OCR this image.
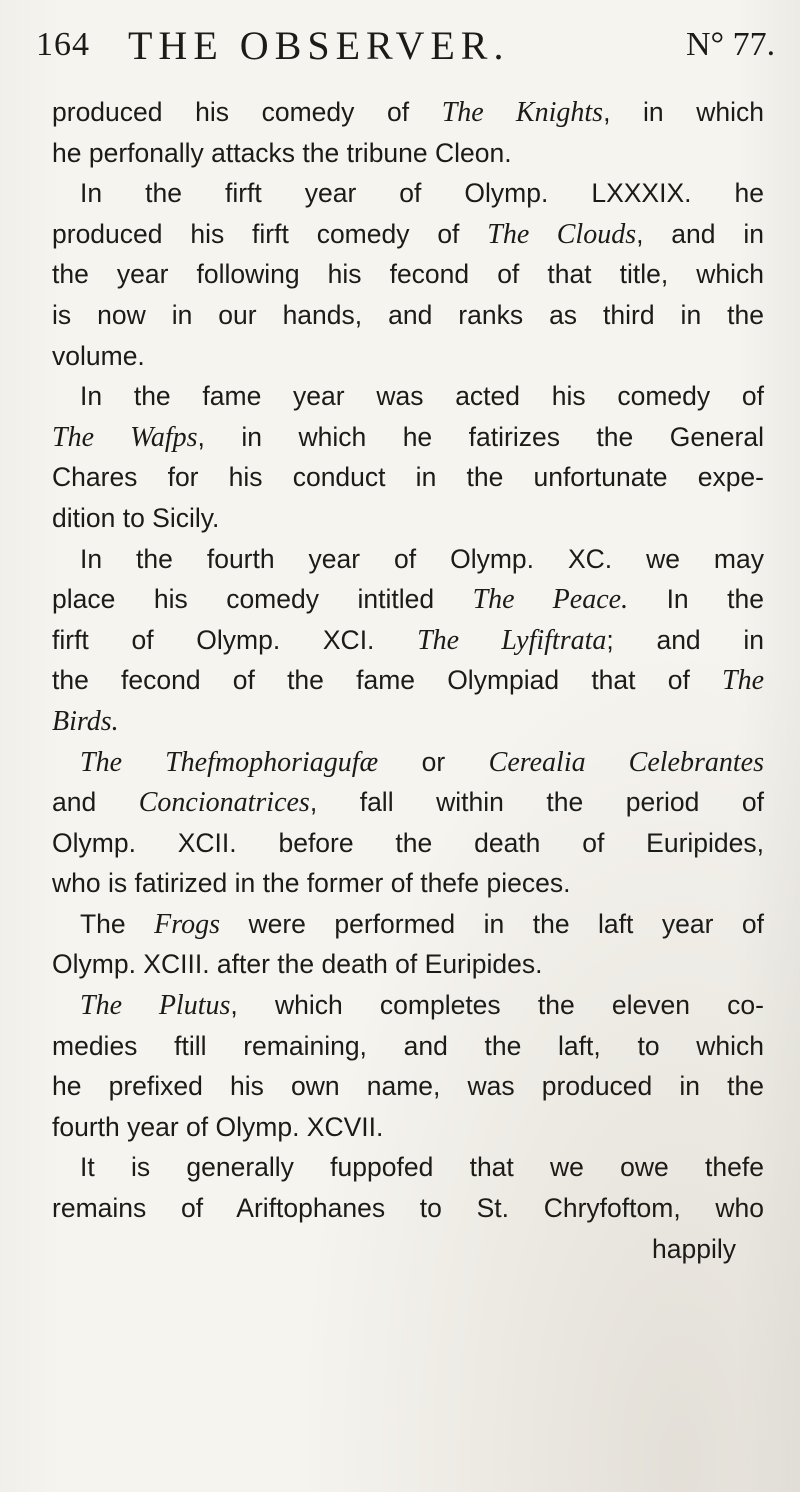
164 THE OBSERVER.	N° 77.
produced his comedy of The Knights, in which
he perfonally attacks the tribune Cleon.
In the firft year of Olymp. LXXXIX. he
produced his firft comedy of The Clouds, and in
the year following his fecond of that title, which
is now in our hands, and ranks as third in the
volume.
In the fame year was acted his comedy of
The Wafps, in which he fatirizes the General
Chares for his conduct in the unfortunate expe-
dition to Sicily.
In the fourth year of Olymp. XC. we may
place his comedy intitled The Peace. In the
firft of Olymp. XCI. The Lyfiftrata; and in
the fecond of the fame Olympiad that of The
Birds.
The Thefmophoriagufæ or Cerealia Celebrantes
and Concionatrices, fall within the period of
Olymp. XCII. before the death of Euripides,
who is fatirized in the former of thefe pieces.
The Frogs were performed in the laft year of
Olymp. XCIII. after the death of Euripides.
The Plutus, which completes the eleven co-
medies ftill remaining, and the laft, to which
he prefixed his own name, was produced in the
fourth year of Olymp. XCVII.
It is generally fuppofed that we owe thefe
remains of Ariftophanes to St. Chryfoftom, who
happily
